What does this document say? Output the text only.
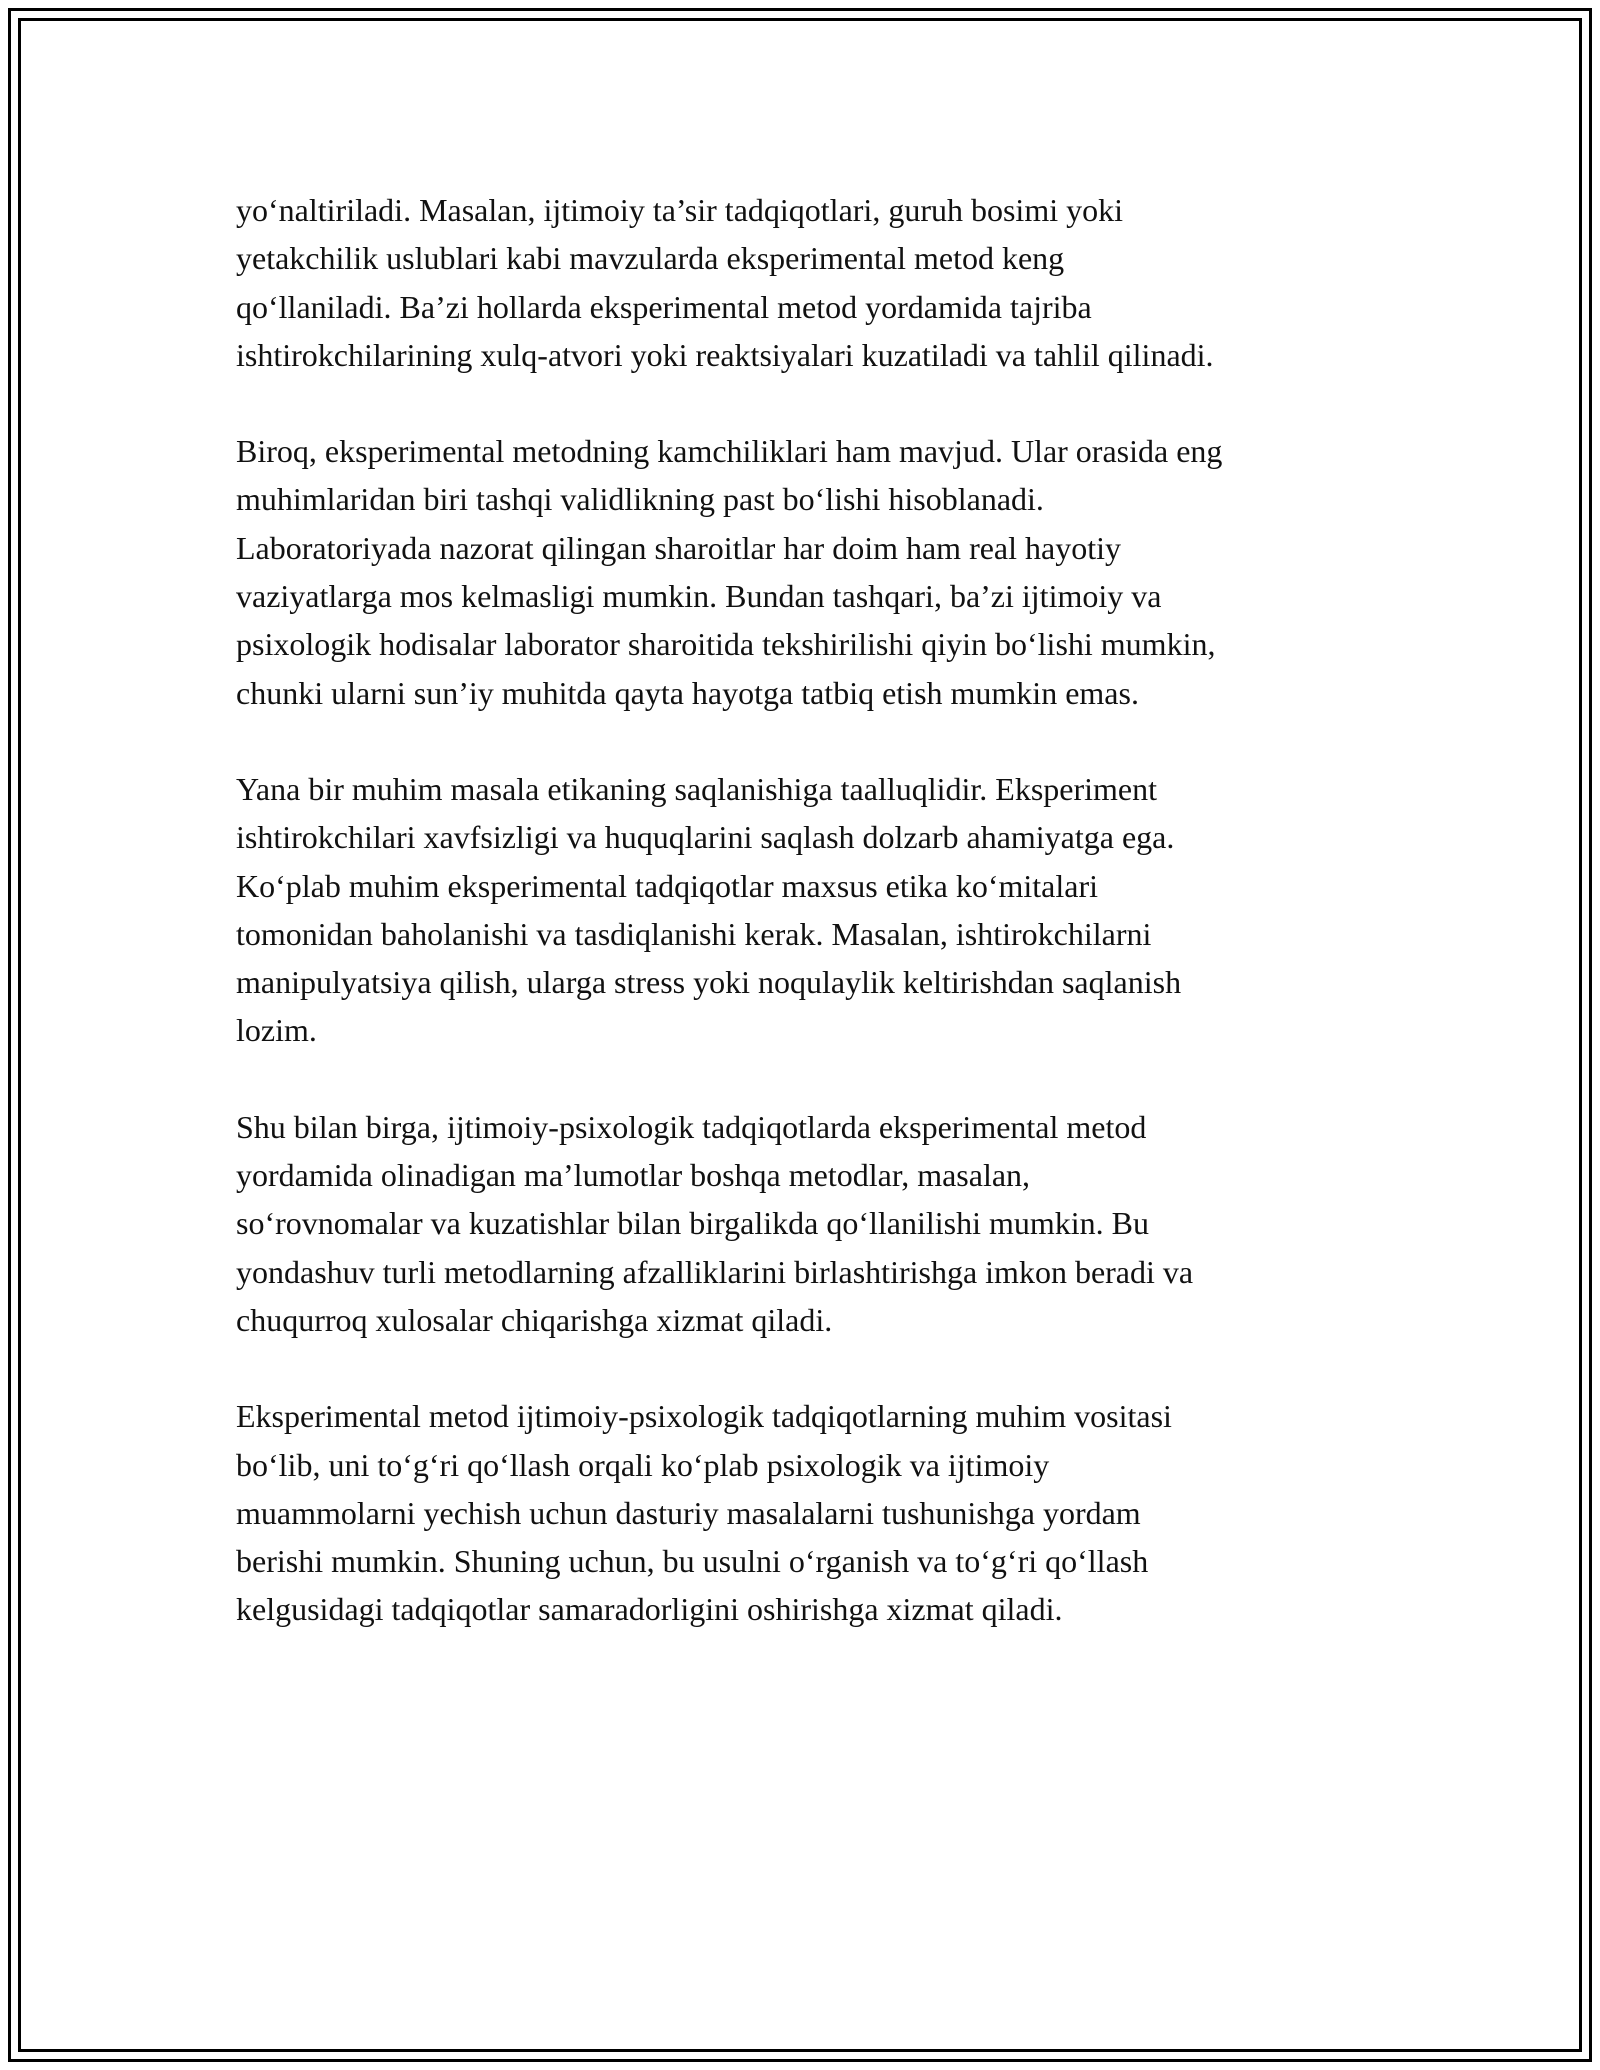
yo‘naltiriladi. Masalan, ijtimoiy ta’sir tadqiqotlari, guruh bosimi yoki
yetakchilik uslublari kabi mavzularda eksperimental metod keng
qo‘llaniladi. Ba’zi hollarda eksperimental metod yordamida tajriba
ishtirokchilarining xulq-atvori yoki reaktsiyalari kuzatiladi va tahlil qilinadi.

Biroq, eksperimental metodning kamchiliklari ham mavjud. Ular orasida eng
muhimlaridan biri tashqi validlikning past bo‘lishi hisoblanadi.
Laboratoriyada nazorat qilingan sharoitlar har doim ham real hayotiy
vaziyatlarga mos kelmasligi mumkin. Bundan tashqari, ba’zi ijtimoiy va
psixologik hodisalar laborator sharoitida tekshirilishi qiyin bo‘lishi mumkin,
chunki ularni sun’iy muhitda qayta hayotga tatbiq etish mumkin emas.

Yana bir muhim masala etikaning saqlanishiga taalluqlidir. Eksperiment
ishtirokchilari xavfsizligi va huquqlarini saqlash dolzarb ahamiyatga ega.
Ko‘plab muhim eksperimental tadqiqotlar maxsus etika ko‘mitalari
tomonidan baholanishi va tasdiqlanishi kerak. Masalan, ishtirokchilarni
manipulyatsiya qilish, ularga stress yoki noqulaylik keltirishdan saqlanish
lozim.

Shu bilan birga, ijtimoiy-psixologik tadqiqotlarda eksperimental metod
yordamida olinadigan ma’lumotlar boshqa metodlar, masalan,
so‘rovnomalar va kuzatishlar bilan birgalikda qo‘llanilishi mumkin. Bu
yondashuv turli metodlarning afzalliklarini birlashtirishga imkon beradi va
chuqurroq xulosalar chiqarishga xizmat qiladi.

Eksperimental metod ijtimoiy-psixologik tadqiqotlarning muhim vositasi
bo‘lib, uni to‘g‘ri qo‘llash orqali ko‘plab psixologik va ijtimoiy
muammolarni yechish uchun dasturiy masalalarni tushunishga yordam
berishi mumkin. Shuning uchun, bu usulni o‘rganish va to‘g‘ri qo‘llash
kelgusidagi tadqiqotlar samaradorligini oshirishga xizmat qiladi.
